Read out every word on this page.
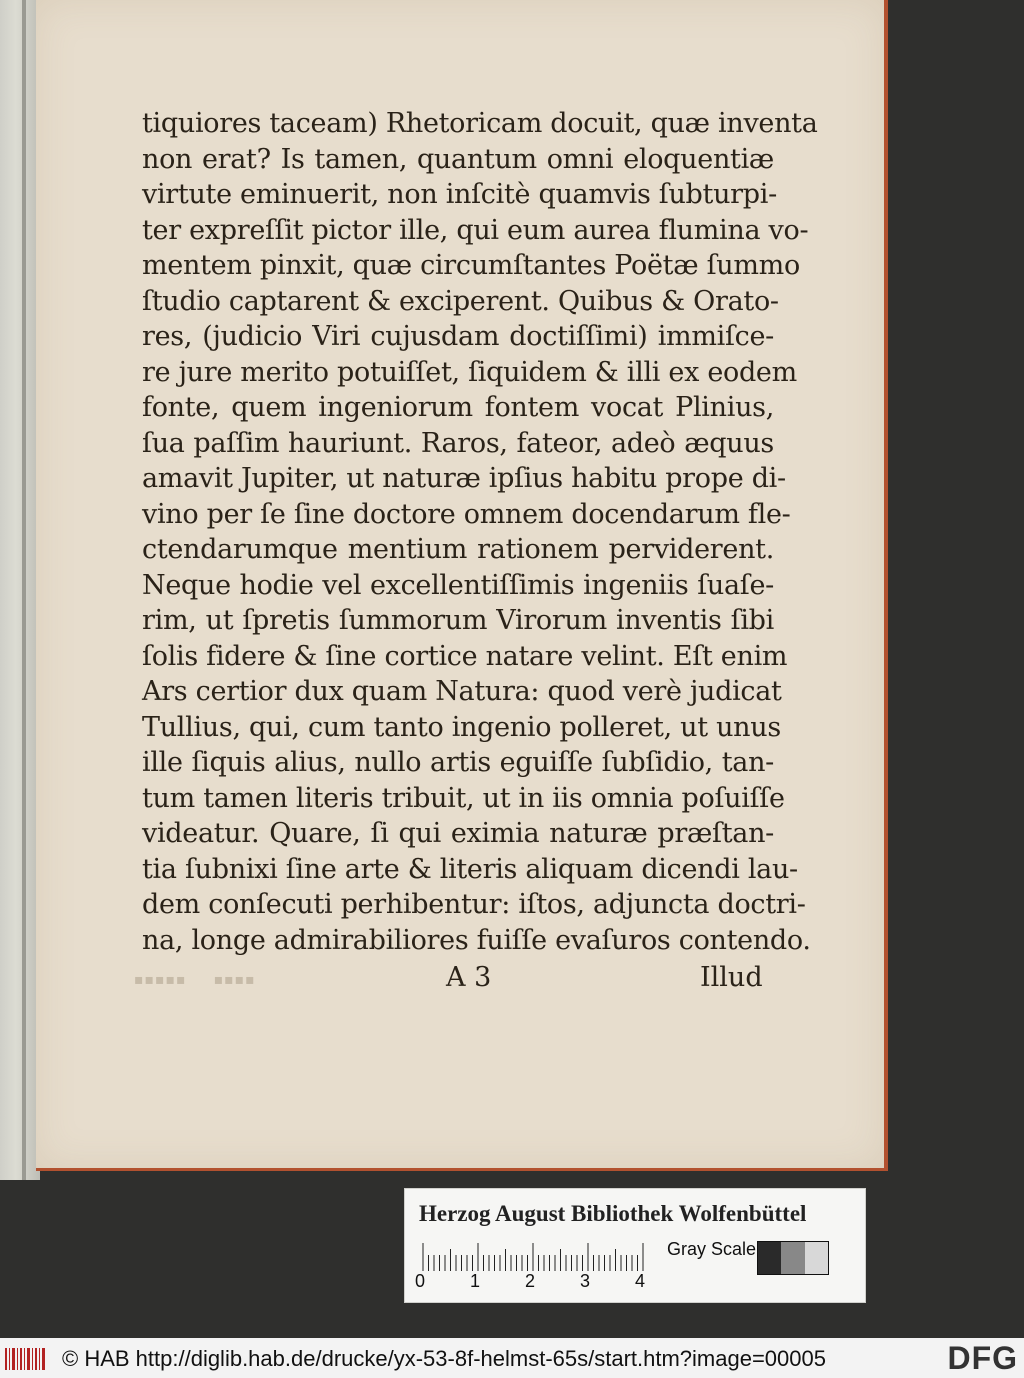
tiquiores taceam) Rhetoricam docuit, quæ inventa
non erat? Is tamen, quantum omni eloquentiæ
virtute eminuerit, non inſcitè quamvis ſubturpi-
ter expreſſit pictor ille, qui eum aurea flumina vo-
mentem pinxit, quæ circumſtantes Poëtæ ſummo
ſtudio captarent & exciperent. Quibus & Orato-
res, (judicio Viri cujusdam doctiſſimi) immiſce-
re jure merito potuiſſet, ſiquidem & illi ex eodem
fonte, quem ingeniorum fontem vocat Plinius,
ſua paſſim hauriunt. Raros, fateor, adeò æquus
amavit Jupiter, ut naturæ ipſius habitu prope di-
vino per ſe ſine doctore omnem docendarum fle-
ctendarumque mentium rationem perviderent.
Neque hodie vel excellentiſſimis ingeniis ſuaſe-
rim, ut ſpretis ſummorum Virorum inventis ſibi
ſolis fidere & ſine cortice natare velint. Eſt enim
Ars certior dux quam Natura: quod verè judicat
Tullius, qui, cum tanto ingenio polleret, ut unus
ille ſiquis alius, nullo artis eguiſſe ſubſidio, tan-
tum tamen literis tribuit, ut in iis omnia poſuiſſe
videatur. Quare, ſi qui eximia naturæ præſtan-
tia ſubnixi ſine arte & literis aliquam dicendi lau-
dem conſecuti perhibentur: iſtos, adjuncta doctri-
na, longe admirabiliores fuiſſe evaſuros contendo.
▪▪▪▪▪     ▪▪▪▪	A 3	Illud
Herzog August Bibliothek Wolfenbüttel
0 1 2 3 4
Gray Scale
© HAB http://diglib.hab.de/drucke/yx-53-8f-helmst-65s/start.htm?image=00005	DFG
